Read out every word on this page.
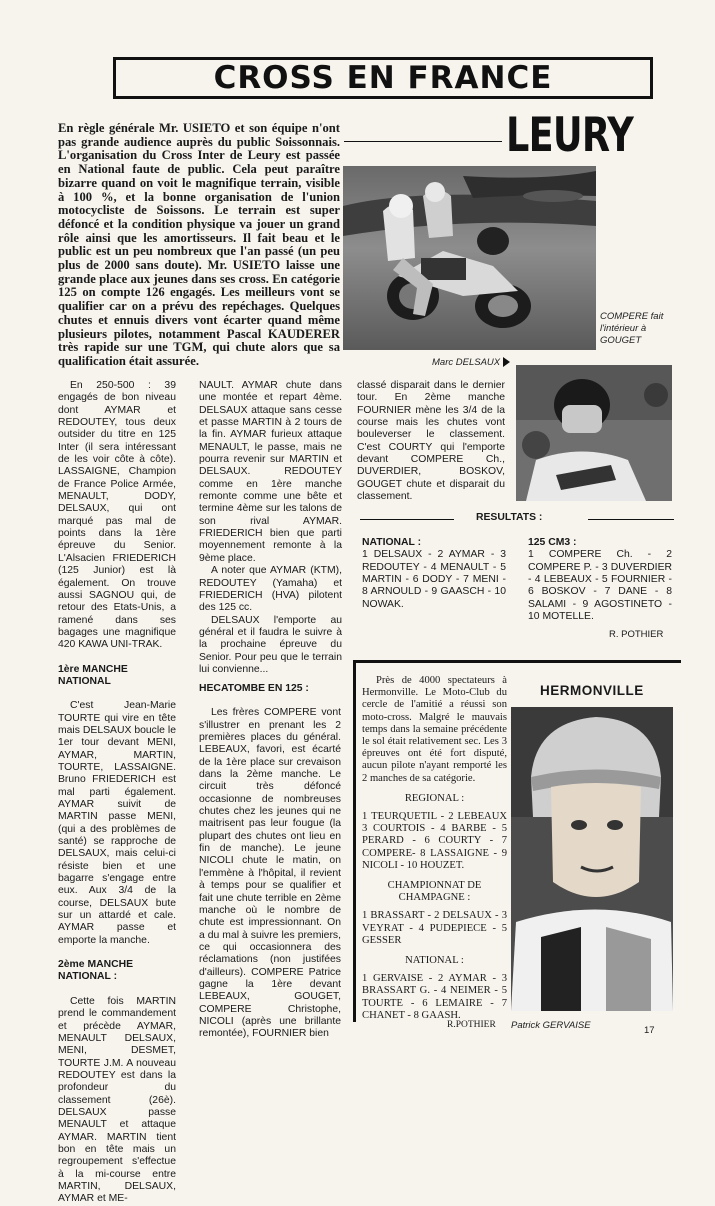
CROSS EN FRANCE

En règle générale Mr. USIETO et son équipe n'ont pas grande audience auprès du public Soissonnais. L'organisation du Cross Inter de Leury est passée en National faute de public. Cela peut paraître bizarre quand on voit le magnifique terrain, visible à 100 %, et la bonne organisation de l'union motocycliste de Soissons. Le terrain est super défoncé et la condition physique va jouer un grand rôle ainsi que les amortisseurs. Il fait beau et le public est un peu nombreux que l'an passé (un peu plus de 2000 sans doute). Mr. USIETO laisse une grande place aux jeunes dans ses cross. En catégorie 125 on compte 126 engagés. Les meilleurs vont se qualifier car on a prévu des repéchages. Quelques chutes et ennuis divers vont écarter quand même plusieurs pilotes, notamment Pascal KAUDERER très rapide sur une TGM, qui chute alors que sa qualification était assurée.

LEURY
COMPERE fait l'intérieur à GOUGET
Marc DELSAUX

En 250-500 : 39 engagés de bon niveau dont AYMAR et REDOUTEY, tous deux outsider du titre en 125 Inter (il sera intéressant de les voir côte à côte). LASSAIGNE, Champion de France Police Armée, MENAULT, DODY, DELSAUX, qui ont marqué pas mal de points dans la 1ère épreuve du Senior. L'Alsacien FRIEDERICH (125 Junior) est là également. On trouve aussi SAGNOU qui, de retour des Etats-Unis, a ramené dans ses bagages une magnifique 420 KAWA UNI-TRAK.

1ère MANCHE NATIONAL

C'est Jean-Marie TOURTE qui vire en tête mais DELSAUX boucle le 1er tour devant MENI, AYMAR, MARTIN, TOURTE, LASSAIGNE. Bruno FRIEDERICH est mal parti également. AYMAR suivit de MARTIN passe MENI, (qui a des problèmes de santé) se rapproche de DELSAUX, mais celui-ci résiste bien et une bagarre s'engage entre eux. Aux 3/4 de la course, DELSAUX bute sur un attardé et cale. AYMAR passe et emporte la manche.

2ème MANCHE NATIONAL :

Cette fois MARTIN prend le commandement et précède AYMAR, MENAULT DELSAUX, MENI, DESMET, TOURTE J.M. A nouveau REDOUTEY est dans la profondeur du classement (26è). DELSAUX passe MENAULT et attaque AYMAR. MARTIN tient bon en tête mais un regroupement s'effectue à la mi-course entre MARTIN, DELSAUX, AYMAR et ME-

NAULT. AYMAR chute dans une montée et repart 4ème. DELSAUX attaque sans cesse et passe MARTIN à 2 tours de la fin. AYMAR furieux attaque MENAULT, le passe, mais ne pourra revenir sur MARTIN et DELSAUX. REDOUTEY comme en 1ère manche remonte comme une bête et termine 4ème sur les talons de son rival AYMAR. FRIEDERICH bien que parti moyennement remonte à la 9ème place.

A noter que AYMAR (KTM), REDOUTEY (Yamaha) et FRIEDERICH (HVA) pilotent des 125 cc.

DELSAUX l'emporte au général et il faudra le suivre à la prochaine épreuve du Senior. Pour peu que le terrain lui convienne...

HECATOMBE EN 125 :

Les frères COMPERE vont s'illustrer en prenant les 2 premières places du général. LEBEAUX, favori, est écarté de la 1ère place sur crevaison dans la 2ème manche. Le circuit très défoncé occasionne de nombreuses chutes chez les jeunes qui ne maitrisent pas leur fougue (la plupart des chutes ont lieu en fin de manche). Le jeune NICOLI chute le matin, on l'emmène à l'hôpital, il revient à temps pour se qualifier et fait une chute terrible en 2ème manche où le nombre de chute est impressionnant. On a du mal à suivre les premiers, ce qui occasionnera des réclamations (non justifées d'ailleurs). COMPERE Patrice gagne la 1ère devant LEBEAUX, GOUGET, COMPERE Christophe, NICOLI (après une brillante remontée), FOURNIER bien

classé disparait dans le dernier tour. En 2ème manche FOURNIER mène les 3/4 de la course mais les chutes vont bouleverser le classement. C'est COURTY qui l'emporte devant COMPERE Ch., DUVERDIER, BOSKOV, GOUGET chute et disparait du classement.

RESULTATS :
NATIONAL :
1 DELSAUX - 2 AYMAR - 3 REDOUTEY - 4 MENAULT - 5 MARTIN - 6 DODY - 7 MENI - 8 ARNOULD - 9 GAASCH - 10 NOWAK.
125 CM3 :
1 COMPERE Ch. - 2 COMPERE P. - 3 DUVERDIER - 4 LEBEAUX - 5 FOURNIER - 6 BOSKOV - 7 DANE - 8 SALAMI - 9 AGOSTINETO - 10 MOTELLE.
R. POTHIER
HERMONVILLE

Près de 4000 spectateurs à Hermonville. Le Moto-Club du cercle de l'amitié a réussi son moto-cross. Malgré le mauvais temps dans la semaine précédente le sol était relativement sec. Les 3 épreuves ont été fort disputé, aucun pilote n'ayant remporté les 2 manches de sa catégorie.

REGIONAL :
1 TEURQUETIL - 2 LEBEAUX 3 COURTOIS - 4 BARBE - 5 PERARD - 6 COURTY - 7 COMPERE- 8 LASSAIGNE - 9 NICOLI - 10 HOUZET.
CHAMPIONNAT DE
CHAMPAGNE :
1 BRASSART - 2 DELSAUX - 3 VEYRAT - 4 PUDEPIECE - 5 GESSER
NATIONAL :
1 GERVAISE - 2 AYMAR - 3 BRASSART G. - 4 NEIMER - 5 TOURTE - 6 LEMAIRE - 7 CHANET - 8 GAASH.
R.POTHIER Patrick GERVAISE	17
